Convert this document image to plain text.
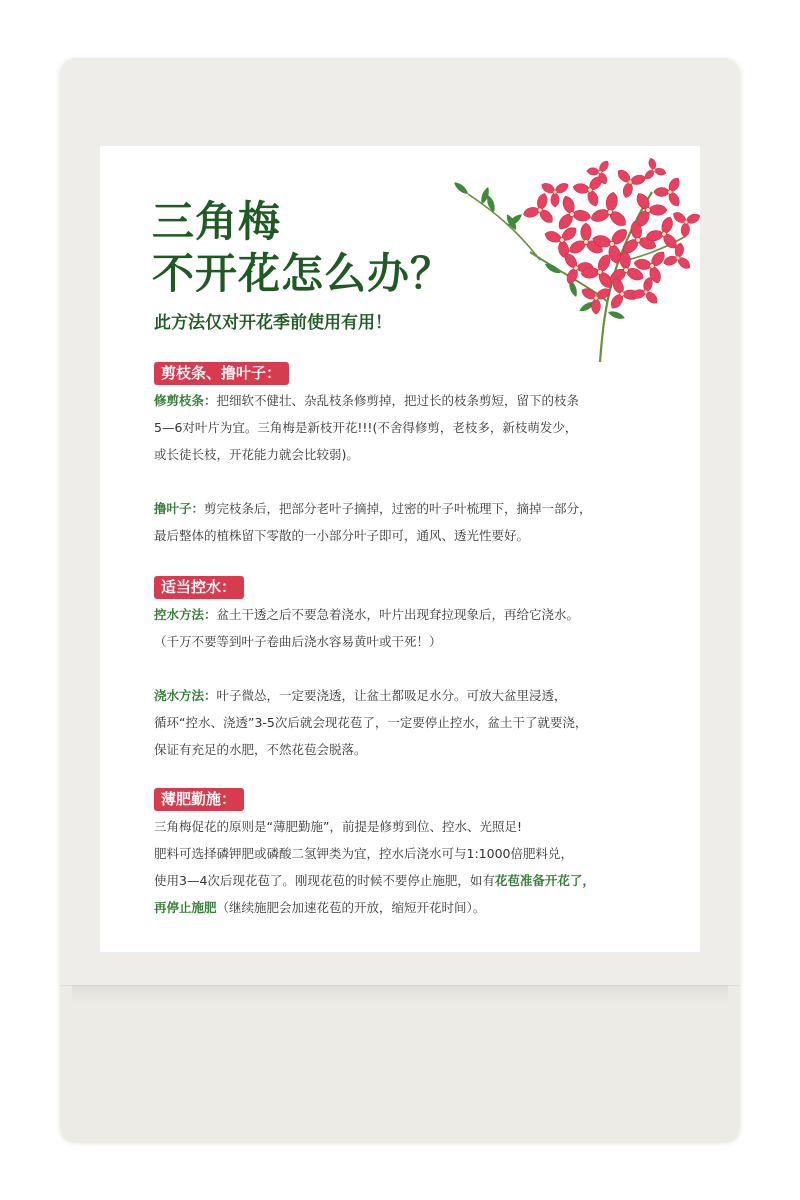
三角梅
不开花怎么办？

此方法仅对开花季前使用有用！

剪枝条、撸叶子：

修剪枝条：把细软不健壮、杂乱枝条修剪掉，把过长的枝条剪短，留下的枝条
5—6对叶片为宜。三角梅是新枝开花!!!(不舍得修剪，老枝多，新枝萌发少，
或长徒长枝，开花能力就会比较弱)。

撸叶子：剪完枝条后，把部分老叶子摘掉，过密的叶子叶梳理下，摘掉一部分，
最后整体的植株留下零散的一小部分叶子即可，通风、透光性要好。

适当控水：

控水方法：盆土干透之后不要急着浇水，叶片出现耷拉现象后，再给它浇水。
（千万不要等到叶子卷曲后浇水容易黄叶或干死！）

浇水方法：叶子微怂，一定要浇透，让盆土都吸足水分。可放大盆里浸透，
循环“控水、浇透”3-5次后就会现花苞了，一定要停止控水，盆土干了就要浇，
保证有充足的水肥，不然花苞会脱落。

薄肥勤施：

三角梅促花的原则是“薄肥勤施”，前提是修剪到位、控水、光照足!
肥料可选择磷钾肥或磷酸二氢钾类为宜，控水后浇水可与1:1000倍肥料兑，
使用3—4次后现花苞了。刚现花苞的时候不要停止施肥，如有花苞准备开花了，
再停止施肥（继续施肥会加速花苞的开放，缩短开花时间）。
